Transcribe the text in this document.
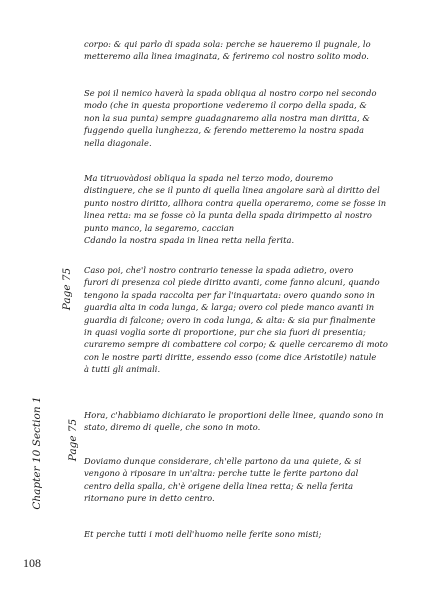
corpo: & qui parlo di spada sola: perche se haueremo il pugnale, lo
metteremo alla linea imaginata, & feriremo col nostro solito modo.

Se poi il nemico haverà la spada obliqua al nostro corpo nel secondo
modo (che in questa proportione vederemo il corpo della spada, &
non la sua punta) sempre guadagnaremo alla nostra man diritta, &
fuggendo quella lunghezza, & ferendo metteremo la nostra spada
nella diagonale.

Ma titruovàdosi obliqua la spada nel terzo modo, douremo
distinguere, che se il punto di quella linea angolare sarà al diritto del
punto nostro diritto, allhora contra quella operaremo, come se fosse in
linea retta: ma se fosse cò la punta della spada dirimpetto al nostro
punto manco, la segaremo, caccian
Cdando la nostra spada in linea retta nella ferita.

Caso poi, che'l nostro contrario tenesse la spada adietro, overo
furori di presenza col piede diritto avanti, come fanno alcuni, quando
tengono la spada raccolta per far l'inquartata: overo quando sono in
guardia alta in coda lunga, & larga; overo col piede manco avanti in
guardia di falcone; overo in coda lunga, & alta: & sia pur finalmente
in quasi voglia sorte di proportione, pur che sia fuori di presentia;
curaremo sempre di combattere col corpo; & quelle cercaremo di moto
con le nostre parti diritte, essendo esso (come dice Aristotile) natule
à tutti gli animali.

Hora, c'habbiamo dichiarato le proportioni delle linee, quando sono in
stato, diremo di quelle, che sono in moto.

Doviamo dunque considerare, ch'elle partono da una quiete, & si
vengono à riposare in un'altra: perche tutte le ferite partono dal
centro della spalla, ch'è origene della linea retta; & nella ferita
ritornano pure in detto centro.

Et perche tutti i moti dell'huomo nelle ferite sono misti;

Page 75
Chapter 10 Section 1 Page 75
108
